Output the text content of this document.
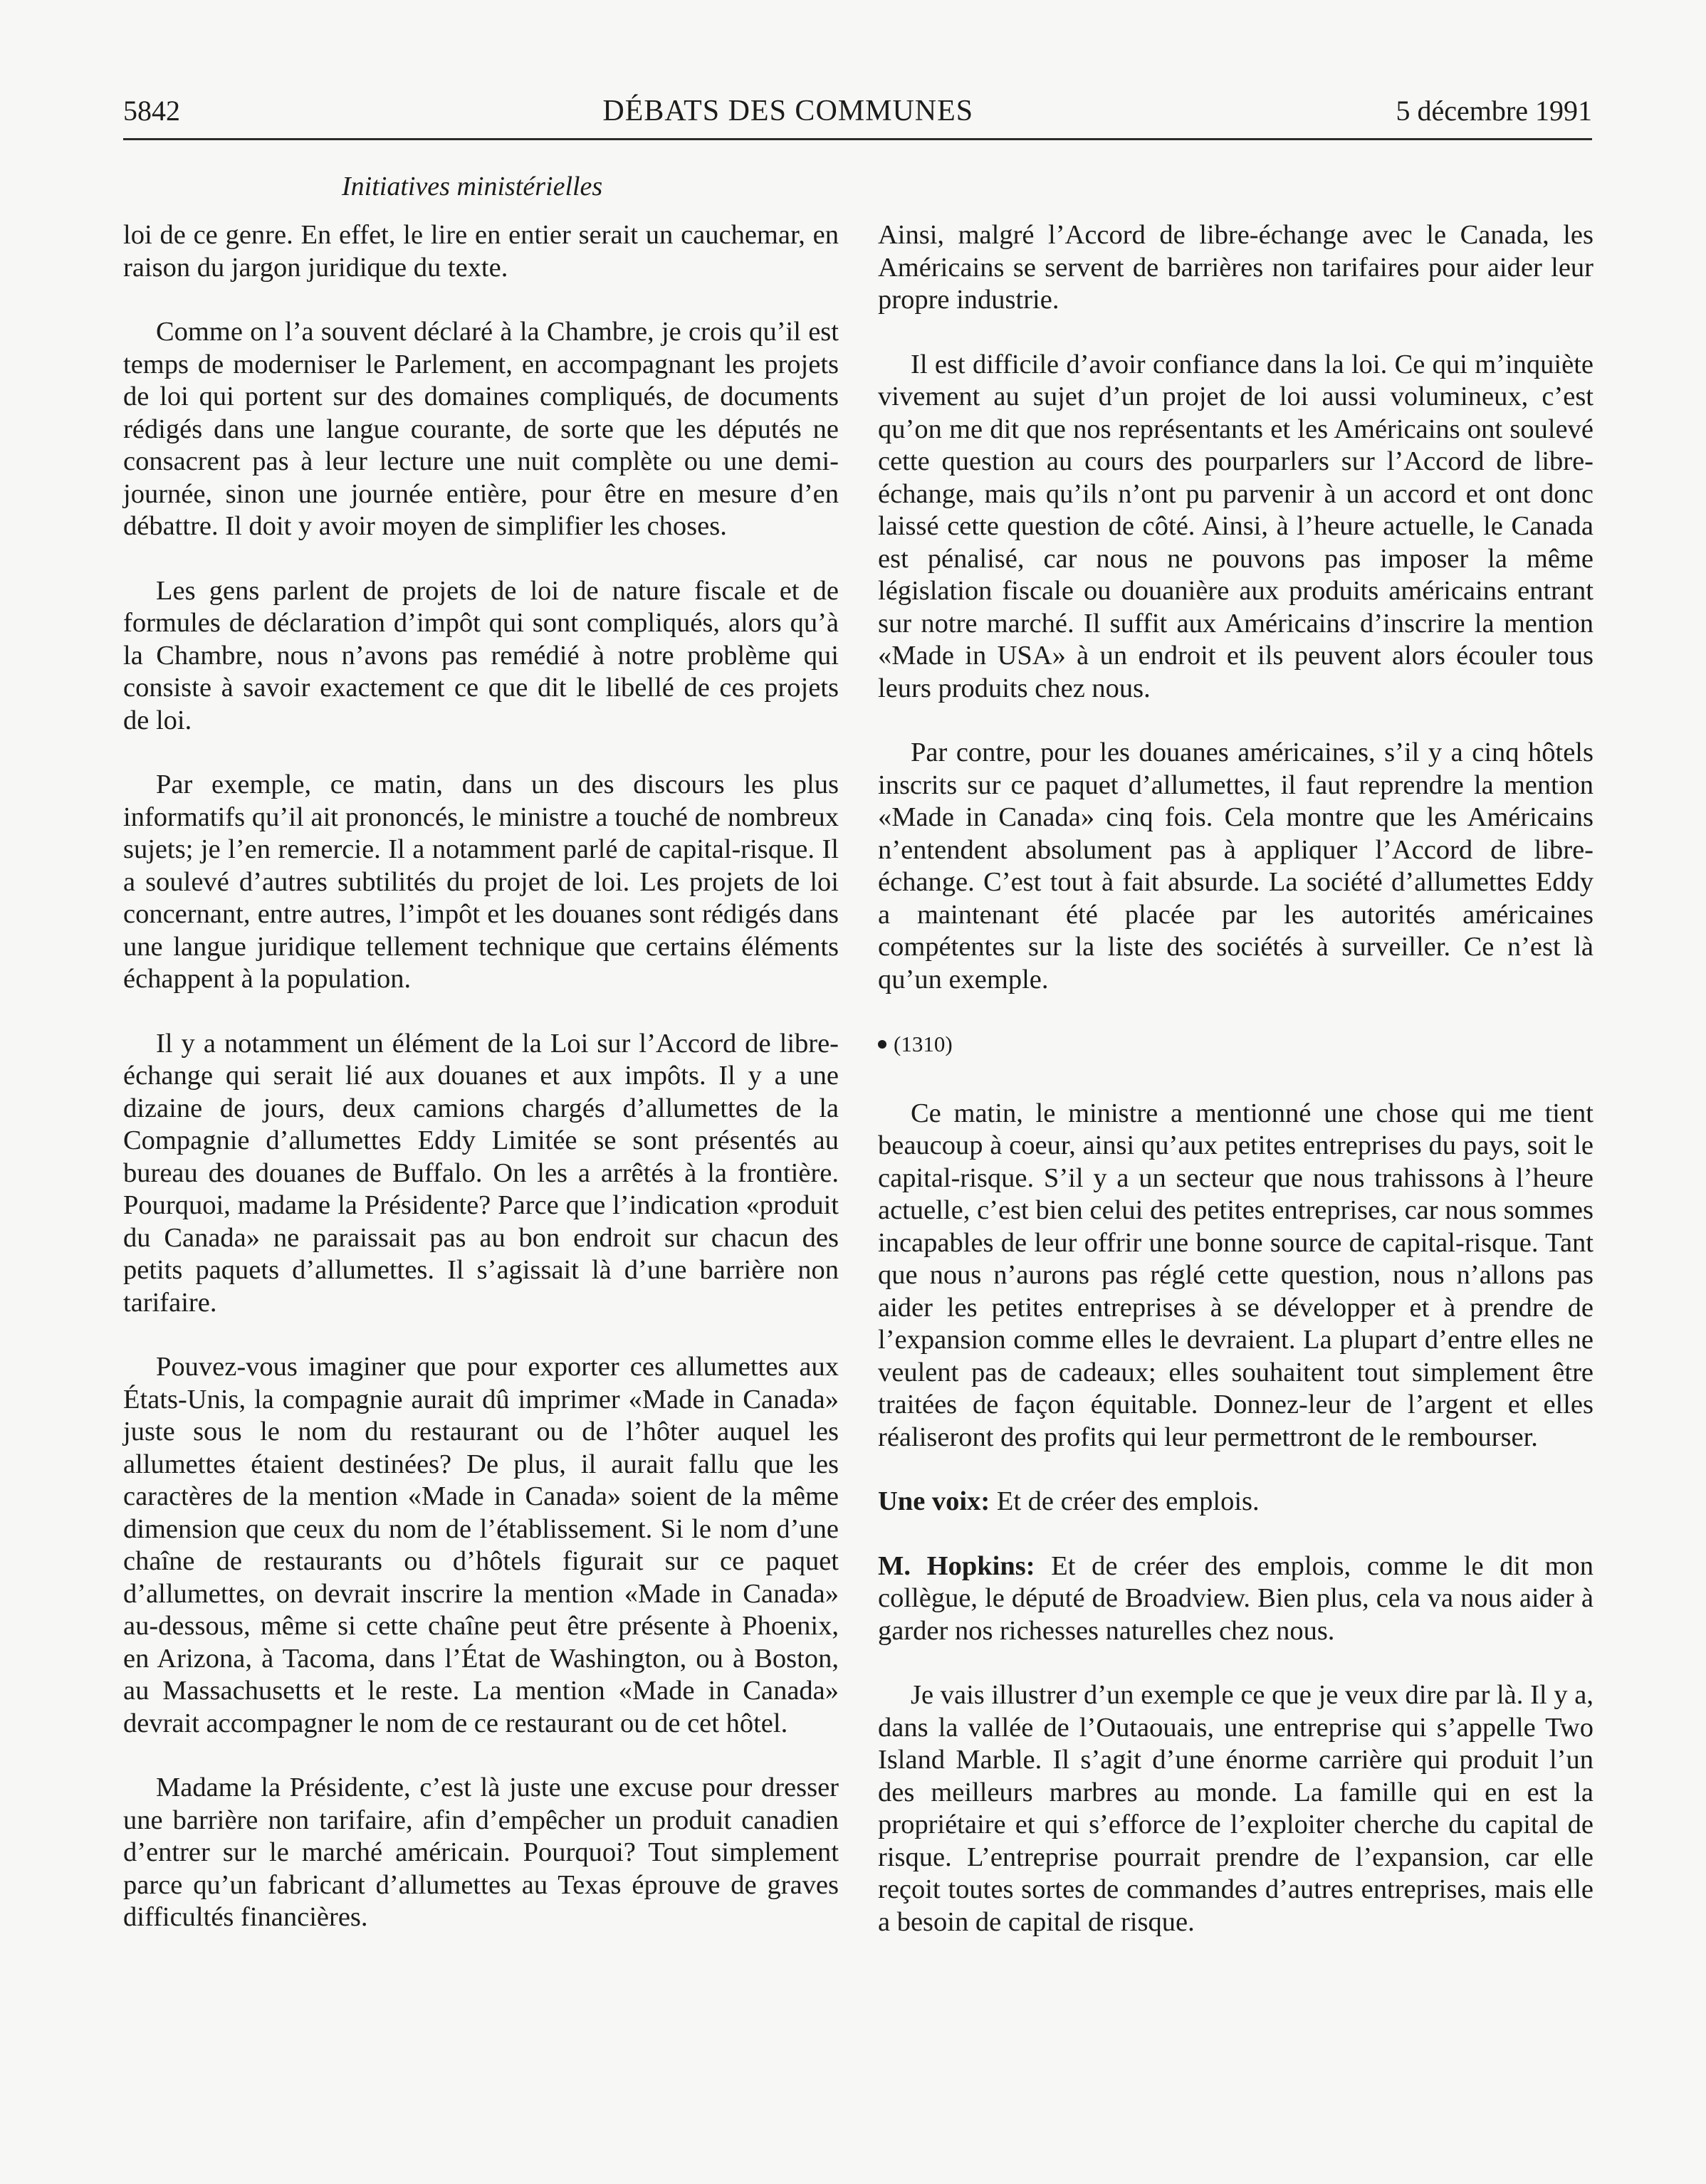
5842	DÉBATS DES COMMUNES	5 décembre 1991
Initiatives ministérielles

loi de ce genre. En effet, le lire en entier serait un cauchemar, en raison du jargon juridique du texte.

Comme on l’a souvent déclaré à la Chambre, je crois qu’il est temps de moderniser le Parlement, en accompagnant les projets de loi qui portent sur des domaines compliqués, de documents rédigés dans une langue courante, de sorte que les députés ne consacrent pas à leur lecture une nuit complète ou une demi-journée, sinon une journée entière, pour être en mesure d’en débattre. Il doit y avoir moyen de simplifier les choses.

Les gens parlent de projets de loi de nature fiscale et de formules de déclaration d’impôt qui sont compliqués, alors qu’à la Chambre, nous n’avons pas remédié à notre problème qui consiste à savoir exactement ce que dit le libellé de ces projets de loi.

Par exemple, ce matin, dans un des discours les plus informatifs qu’il ait prononcés, le ministre a touché de nombreux sujets; je l’en remercie. Il a notamment parlé de capital-risque. Il a soulevé d’autres subtilités du projet de loi. Les projets de loi concernant, entre autres, l’impôt et les douanes sont rédigés dans une langue juridique tellement technique que certains éléments échappent à la population.

Il y a notamment un élément de la Loi sur l’Accord de libre-échange qui serait lié aux douanes et aux impôts. Il y a une dizaine de jours, deux camions chargés d’allumettes de la Compagnie d’allumettes Eddy Limitée se sont présentés au bureau des douanes de Buffalo. On les a arrêtés à la frontière. Pourquoi, madame la Présidente? Parce que l’indication «produit du Canada» ne paraissait pas au bon endroit sur chacun des petits paquets d’allumettes. Il s’agissait là d’une barrière non tarifaire.

Pouvez-vous imaginer que pour exporter ces allumettes aux États-Unis, la compagnie aurait dû imprimer «Made in Canada» juste sous le nom du restaurant ou de l’hôter auquel les allumettes étaient destinées? De plus, il aurait fallu que les caractères de la mention «Made in Canada» soient de la même dimension que ceux du nom de l’établissement. Si le nom d’une chaîne de restaurants ou d’hôtels figurait sur ce paquet d’allumettes, on devrait inscrire la mention «Made in Canada» au-dessous, même si cette chaîne peut être présente à Phoenix, en Arizona, à Tacoma, dans l’État de Washington, ou à Boston, au Massachusetts et le reste. La mention «Made in Canada» devrait accompagner le nom de ce restaurant ou de cet hôtel.

Madame la Présidente, c’est là juste une excuse pour dresser une barrière non tarifaire, afin d’empêcher un produit canadien d’entrer sur le marché américain. Pourquoi? Tout simplement parce qu’un fabricant d’allumettes au Texas éprouve de graves difficultés financières.

Ainsi, malgré l’Accord de libre-échange avec le Canada, les Américains se servent de barrières non tarifaires pour aider leur propre industrie.

Il est difficile d’avoir confiance dans la loi. Ce qui m’inquiète vivement au sujet d’un projet de loi aussi volumineux, c’est qu’on me dit que nos représentants et les Américains ont soulevé cette question au cours des pourparlers sur l’Accord de libre-échange, mais qu’ils n’ont pu parvenir à un accord et ont donc laissé cette question de côté. Ainsi, à l’heure actuelle, le Canada est pénalisé, car nous ne pouvons pas imposer la même législation fiscale ou douanière aux produits américains entrant sur notre marché. Il suffit aux Américains d’inscrire la mention «Made in USA» à un endroit et ils peuvent alors écouler tous leurs produits chez nous.

Par contre, pour les douanes américaines, s’il y a cinq hôtels inscrits sur ce paquet d’allumettes, il faut reprendre la mention «Made in Canada» cinq fois. Cela montre que les Américains n’entendent absolument pas à appliquer l’Accord de libre-échange. C’est tout à fait absurde. La société d’allumettes Eddy a maintenant été placée par les autorités américaines compétentes sur la liste des sociétés à surveiller. Ce n’est là qu’un exemple.

(1310)

Ce matin, le ministre a mentionné une chose qui me tient beaucoup à coeur, ainsi qu’aux petites entreprises du pays, soit le capital-risque. S’il y a un secteur que nous trahissons à l’heure actuelle, c’est bien celui des petites entreprises, car nous sommes incapables de leur offrir une bonne source de capital-risque. Tant que nous n’aurons pas réglé cette question, nous n’allons pas aider les petites entreprises à se développer et à prendre de l’expansion comme elles le devraient. La plupart d’entre elles ne veulent pas de cadeaux; elles souhaitent tout simplement être traitées de façon équitable. Donnez-leur de l’argent et elles réaliseront des profits qui leur permettront de le rembourser.

Une voix: Et de créer des emplois.

M. Hopkins: Et de créer des emplois, comme le dit mon collègue, le député de Broadview. Bien plus, cela va nous aider à garder nos richesses naturelles chez nous.

Je vais illustrer d’un exemple ce que je veux dire par là. Il y a, dans la vallée de l’Outaouais, une entreprise qui s’appelle Two Island Marble. Il s’agit d’une énorme carrière qui produit l’un des meilleurs marbres au monde. La famille qui en est la propriétaire et qui s’efforce de l’exploiter cherche du capital de risque. L’entreprise pourrait prendre de l’expansion, car elle reçoit toutes sortes de commandes d’autres entreprises, mais elle a besoin de capital de risque.
